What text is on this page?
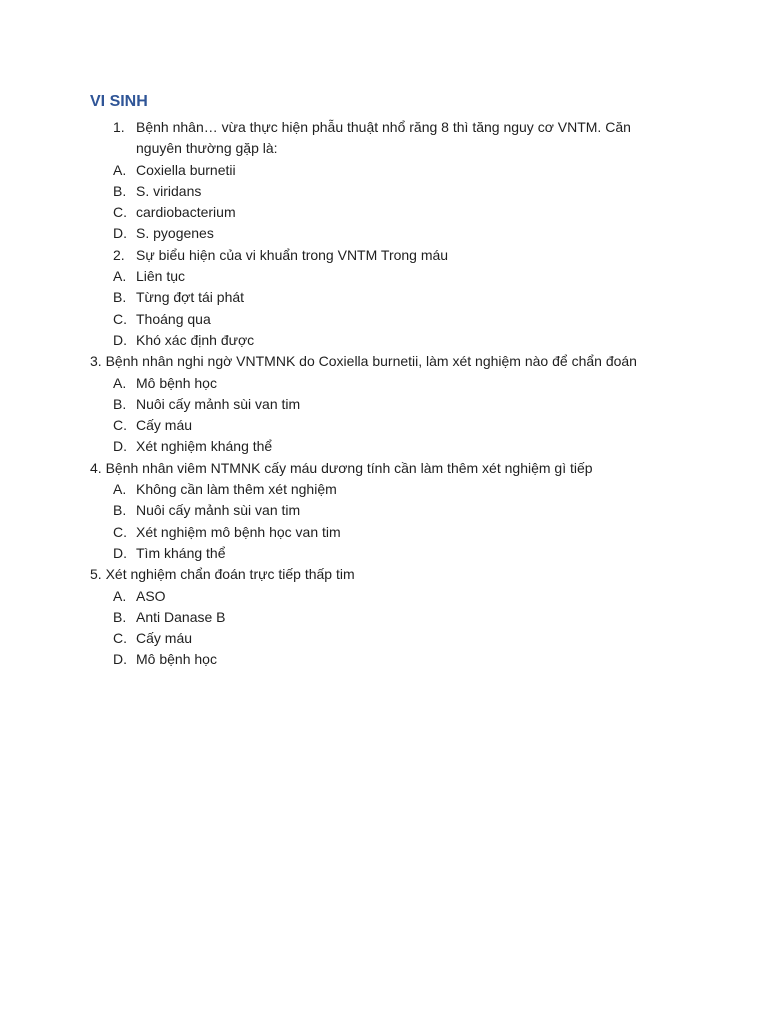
VI SINH
1. Bệnh nhân… vừa thực hiện phẫu thuật nhổ răng 8 thì tăng nguy cơ VNTM. Căn nguyên thường gặp là:
A. Coxiella burnetii
B. S. viridans
C. cardiobacterium
D. S. pyogenes
2. Sự biểu hiện của vi khuẩn trong VNTM Trong máu
A. Liên tục
B. Từng đợt tái phát
C. Thoáng qua
D. Khó xác định được
3. Bệnh nhân nghi ngờ VNTMNK do Coxiella burnetii, làm xét nghiệm nào để chẩn đoán
A. Mô bệnh học
B. Nuôi cấy mảnh sùi van tim
C. Cấy máu
D. Xét nghiệm kháng thể
4. Bệnh nhân viêm NTMNK cấy máu dương tính cần làm thêm xét nghiệm gì tiếp
A. Không cần làm thêm xét nghiệm
B. Nuôi cấy mảnh sùi van tim
C. Xét nghiệm mô bệnh học van tim
D. Tìm kháng thể
5. Xét nghiệm chẩn đoán trực tiếp thấp tim
A. ASO
B. Anti Danase B
C. Cấy máu
D. Mô bệnh học
